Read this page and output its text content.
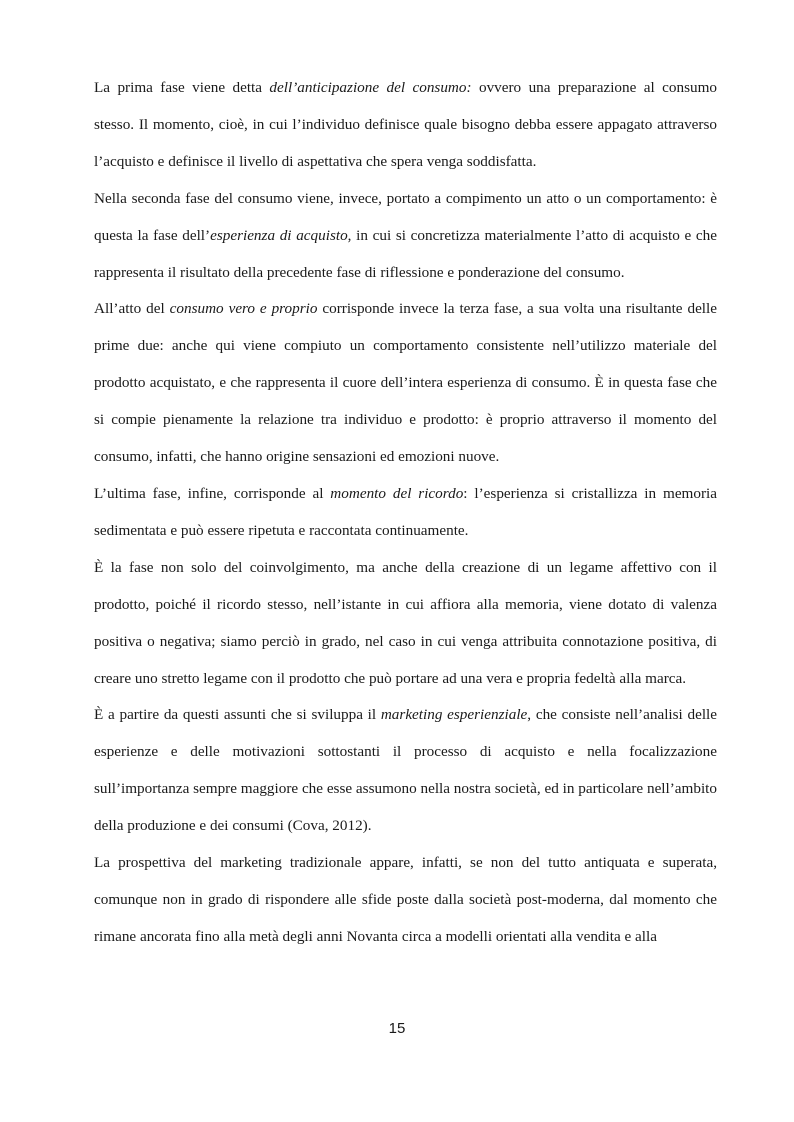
La prima fase viene detta dell’anticipazione del consumo: ovvero una preparazione al consumo stesso. Il momento, cioè, in cui l’individuo definisce quale bisogno debba essere appagato attraverso l’acquisto e definisce il livello di aspettativa che spera venga soddisfatta.

Nella seconda fase del consumo viene, invece, portato a compimento un atto o un comportamento: è questa la fase dell’esperienza di acquisto, in cui si concretizza materialmente l’atto di acquisto e che rappresenta il risultato della precedente fase di riflessione e ponderazione del consumo.

All’atto del consumo vero e proprio corrisponde invece la terza fase, a sua volta una risultante delle prime due: anche qui viene compiuto un comportamento consistente nell’utilizzo materiale del prodotto acquistato, e che rappresenta il cuore dell’intera esperienza di consumo. È in questa fase che si compie pienamente la relazione tra individuo e prodotto: è proprio attraverso il momento del consumo, infatti, che hanno origine sensazioni ed emozioni nuove.

L’ultima fase, infine, corrisponde al momento del ricordo: l’esperienza si cristallizza in memoria sedimentata e può essere ripetuta e raccontata continuamente.

È la fase non solo del coinvolgimento, ma anche della creazione di un legame affettivo con il prodotto, poiché il ricordo stesso, nell’istante in cui affiora alla memoria, viene dotato di valenza positiva o negativa; siamo perciò in grado, nel caso in cui venga attribuita connotazione positiva, di creare uno stretto legame con il prodotto che può portare ad una vera e propria fedeltà alla marca.

È a partire da questi assunti che si sviluppa il marketing esperienziale, che consiste nell’analisi delle esperienze e delle motivazioni sottostanti il processo di acquisto e nella focalizzazione sull’importanza sempre maggiore che esse assumono nella nostra società, ed in particolare nell’ambito della produzione e dei consumi (Cova, 2012).

La prospettiva del marketing tradizionale appare, infatti, se non del tutto antiquata e superata, comunque non in grado di rispondere alle sfide poste dalla società post-moderna, dal momento che rimane ancorata fino alla metà degli anni Novanta circa a modelli orientati alla vendita e alla

15
